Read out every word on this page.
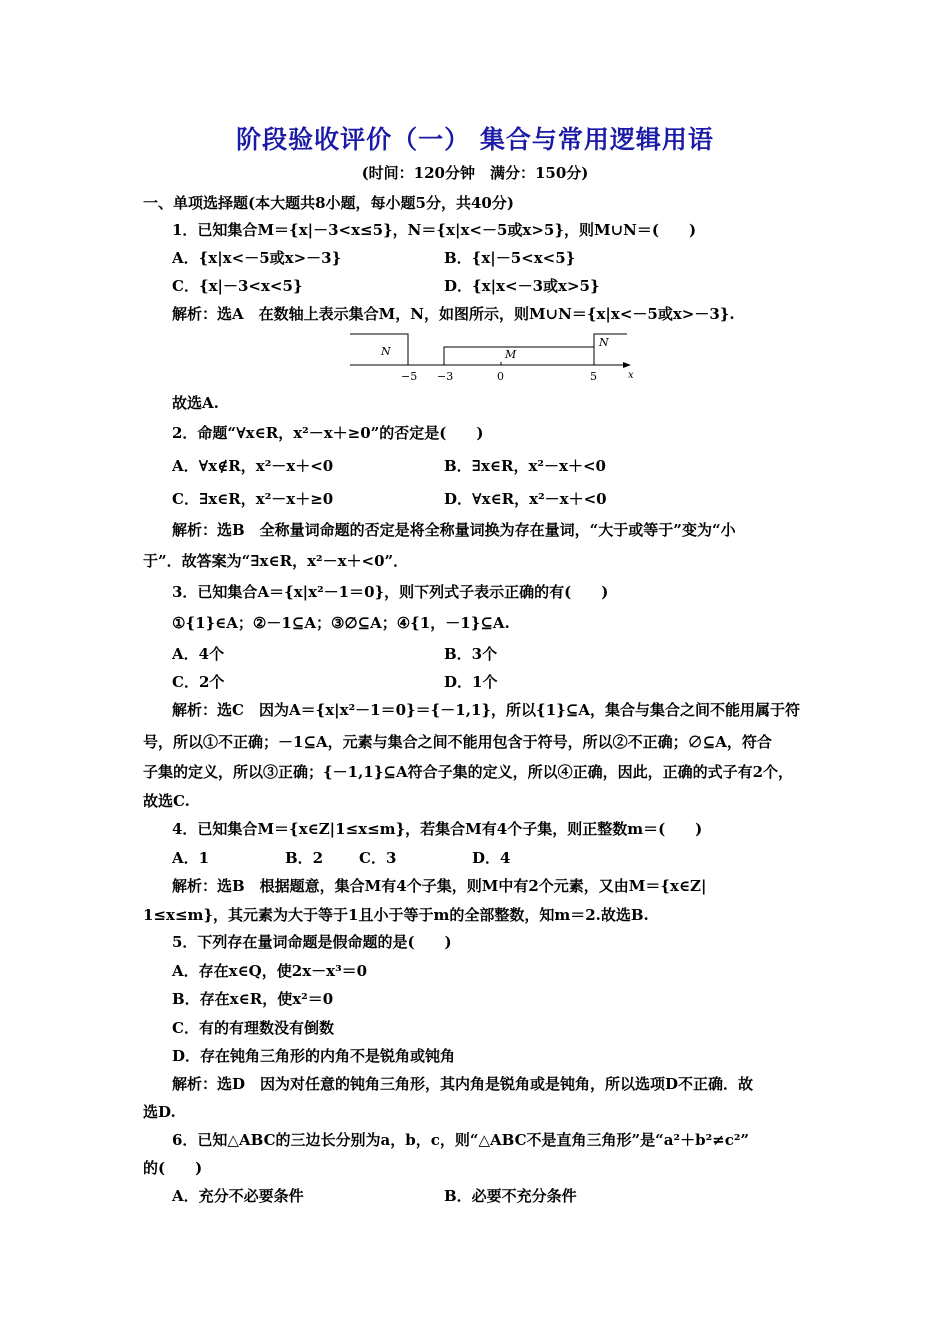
阶段验收评价（一） 集合与常用逻辑用语
(时间：120分钟　满分：150分)
一、单项选择题(本大题共8小题，每小题5分，共40分)
1．已知集合M＝{x|－3<x≤5}，N＝{x|x<－5或x>5}，则M∪N＝(　　)
A．{x|x<－5或x>－3}	B．{x|－5<x<5}
C．{x|－3<x<5}	D．{x|x<－3或x>5}
解析：选A　在数轴上表示集合M，N，如图所示，则M∪N＝{x|x<－5或x>－3}.
N	M
N
−5 −3	0	5	x
故选A.
2．命题“∀x∈R，x²－x＋≥0”的否定是(　　)
A．∀x∉R，x²－x＋<0	B．∃x∈R，x²－x＋<0
C．∃x∈R，x²－x＋≥0	D．∀x∈R，x²－x＋<0
解析：选B　全称量词命题的否定是将全称量词换为存在量词，“大于或等于”变为“小
于”．故答案为“∃x∈R，x²－x＋<0”．
3．已知集合A＝{x|x²－1＝0}，则下列式子表示正确的有(　　)
①{1}∈A；②－1⊆A；③∅⊆A；④{1，－1}⊆A.
A．4个	B．3个
C．2个	D．1个
解析：选C　因为A＝{x|x²－1＝0}＝{－1,1}，所以{1}⊆A，集合与集合之间不能用属于符
号，所以①不正确；－1⊆A，元素与集合之间不能用包含于符号，所以②不正确；∅⊆A，符合
子集的定义，所以③正确；{－1,1}⊆A符合子集的定义，所以④正确，因此，正确的式子有2个，
故选C.
4．已知集合M＝{x∈Z|1≤x≤m}，若集合M有4个子集，则正整数m＝(　　)
A．1	B．2 C．3	D．4
解析：选B　根据题意，集合M有4个子集，则M中有2个元素，又由M＝{x∈Z|
1≤x≤m}，其元素为大于等于1且小于等于m的全部整数，知m＝2.故选B.
5．下列存在量词命题是假命题的是(　　)
A．存在x∈Q，使2x－x³＝0
B．存在x∈R，使x²＝0
C．有的有理数没有倒数
D．存在钝角三角形的内角不是锐角或钝角
解析：选D　因为对任意的钝角三角形，其内角是锐角或是钝角，所以选项D不正确．故
选D.
6．已知△ABC的三边长分别为a，b，c，则“△ABC不是直角三角形”是“a²＋b²≠c²”
的(　　)
A．充分不必要条件	B．必要不充分条件
